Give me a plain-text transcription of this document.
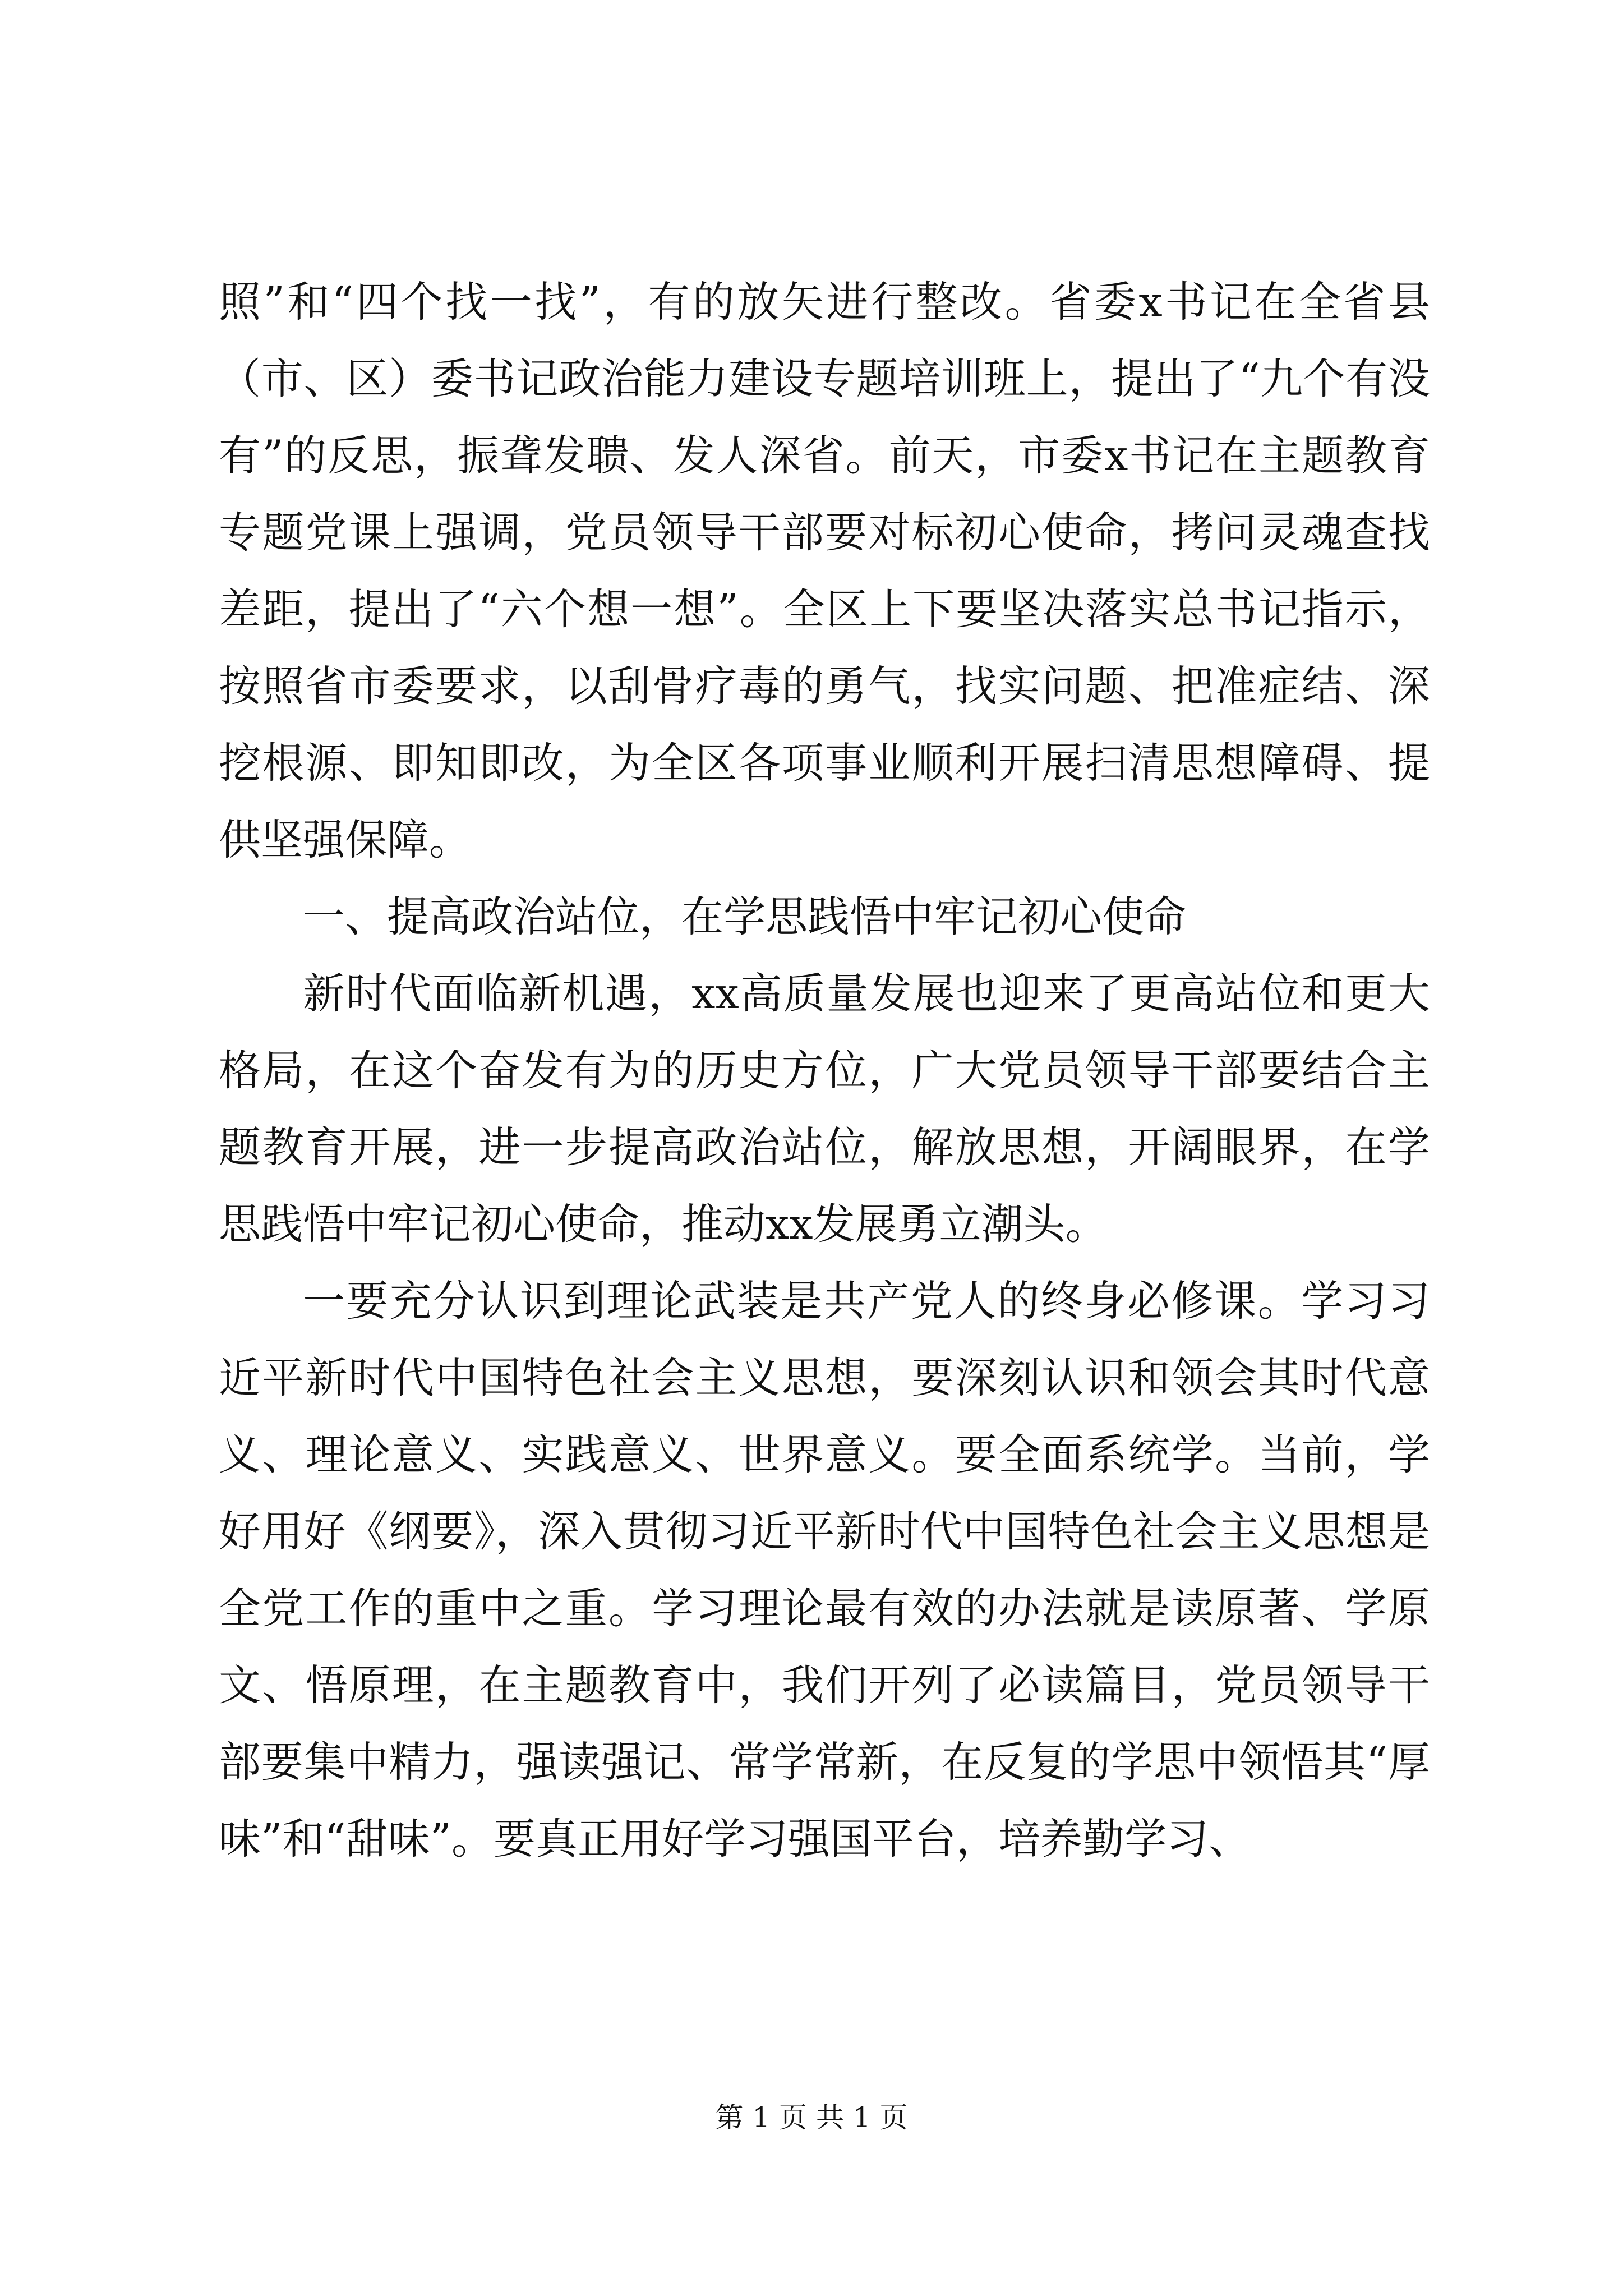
照”和“四个找一找”，有的放矢进行整改。省委x书记在全省县（市、区）委书记政治能力建设专题培训班上，提出了“九个有没有”的反思，振聋发聩、发人深省。前天，市委x书记在主题教育专题党课上强调，党员领导干部要对标初心使命，拷问灵魂查找差距，提出了“六个想一想”。全区上下要坚决落实总书记指示，按照省市委要求，以刮骨疗毒的勇气，找实问题、把准症结、深挖根源、即知即改，为全区各项事业顺利开展扫清思想障碍、提供坚强保障。

一、提高政治站位，在学思践悟中牢记初心使命

新时代面临新机遇，xx高质量发展也迎来了更高站位和更大格局，在这个奋发有为的历史方位，广大党员领导干部要结合主题教育开展，进一步提高政治站位，解放思想，开阔眼界，在学思践悟中牢记初心使命，推动xx发展勇立潮头。

一要充分认识到理论武装是共产党人的终身必修课。学习习近平新时代中国特色社会主义思想，要深刻认识和领会其时代意义、理论意义、实践意义、世界意义。要全面系统学。当前，学好用好《纲要》，深入贯彻习近平新时代中国特色社会主义思想是全党工作的重中之重。学习理论最有效的办法就是读原著、学原文、悟原理，在主题教育中，我们开列了必读篇目，党员领导干部要集中精力，强读强记、常学常新，在反复的学思中领悟其“厚味”和“甜味”。要真正用好学习强国平台，培养勤学习、

第 1 页 共 1 页
